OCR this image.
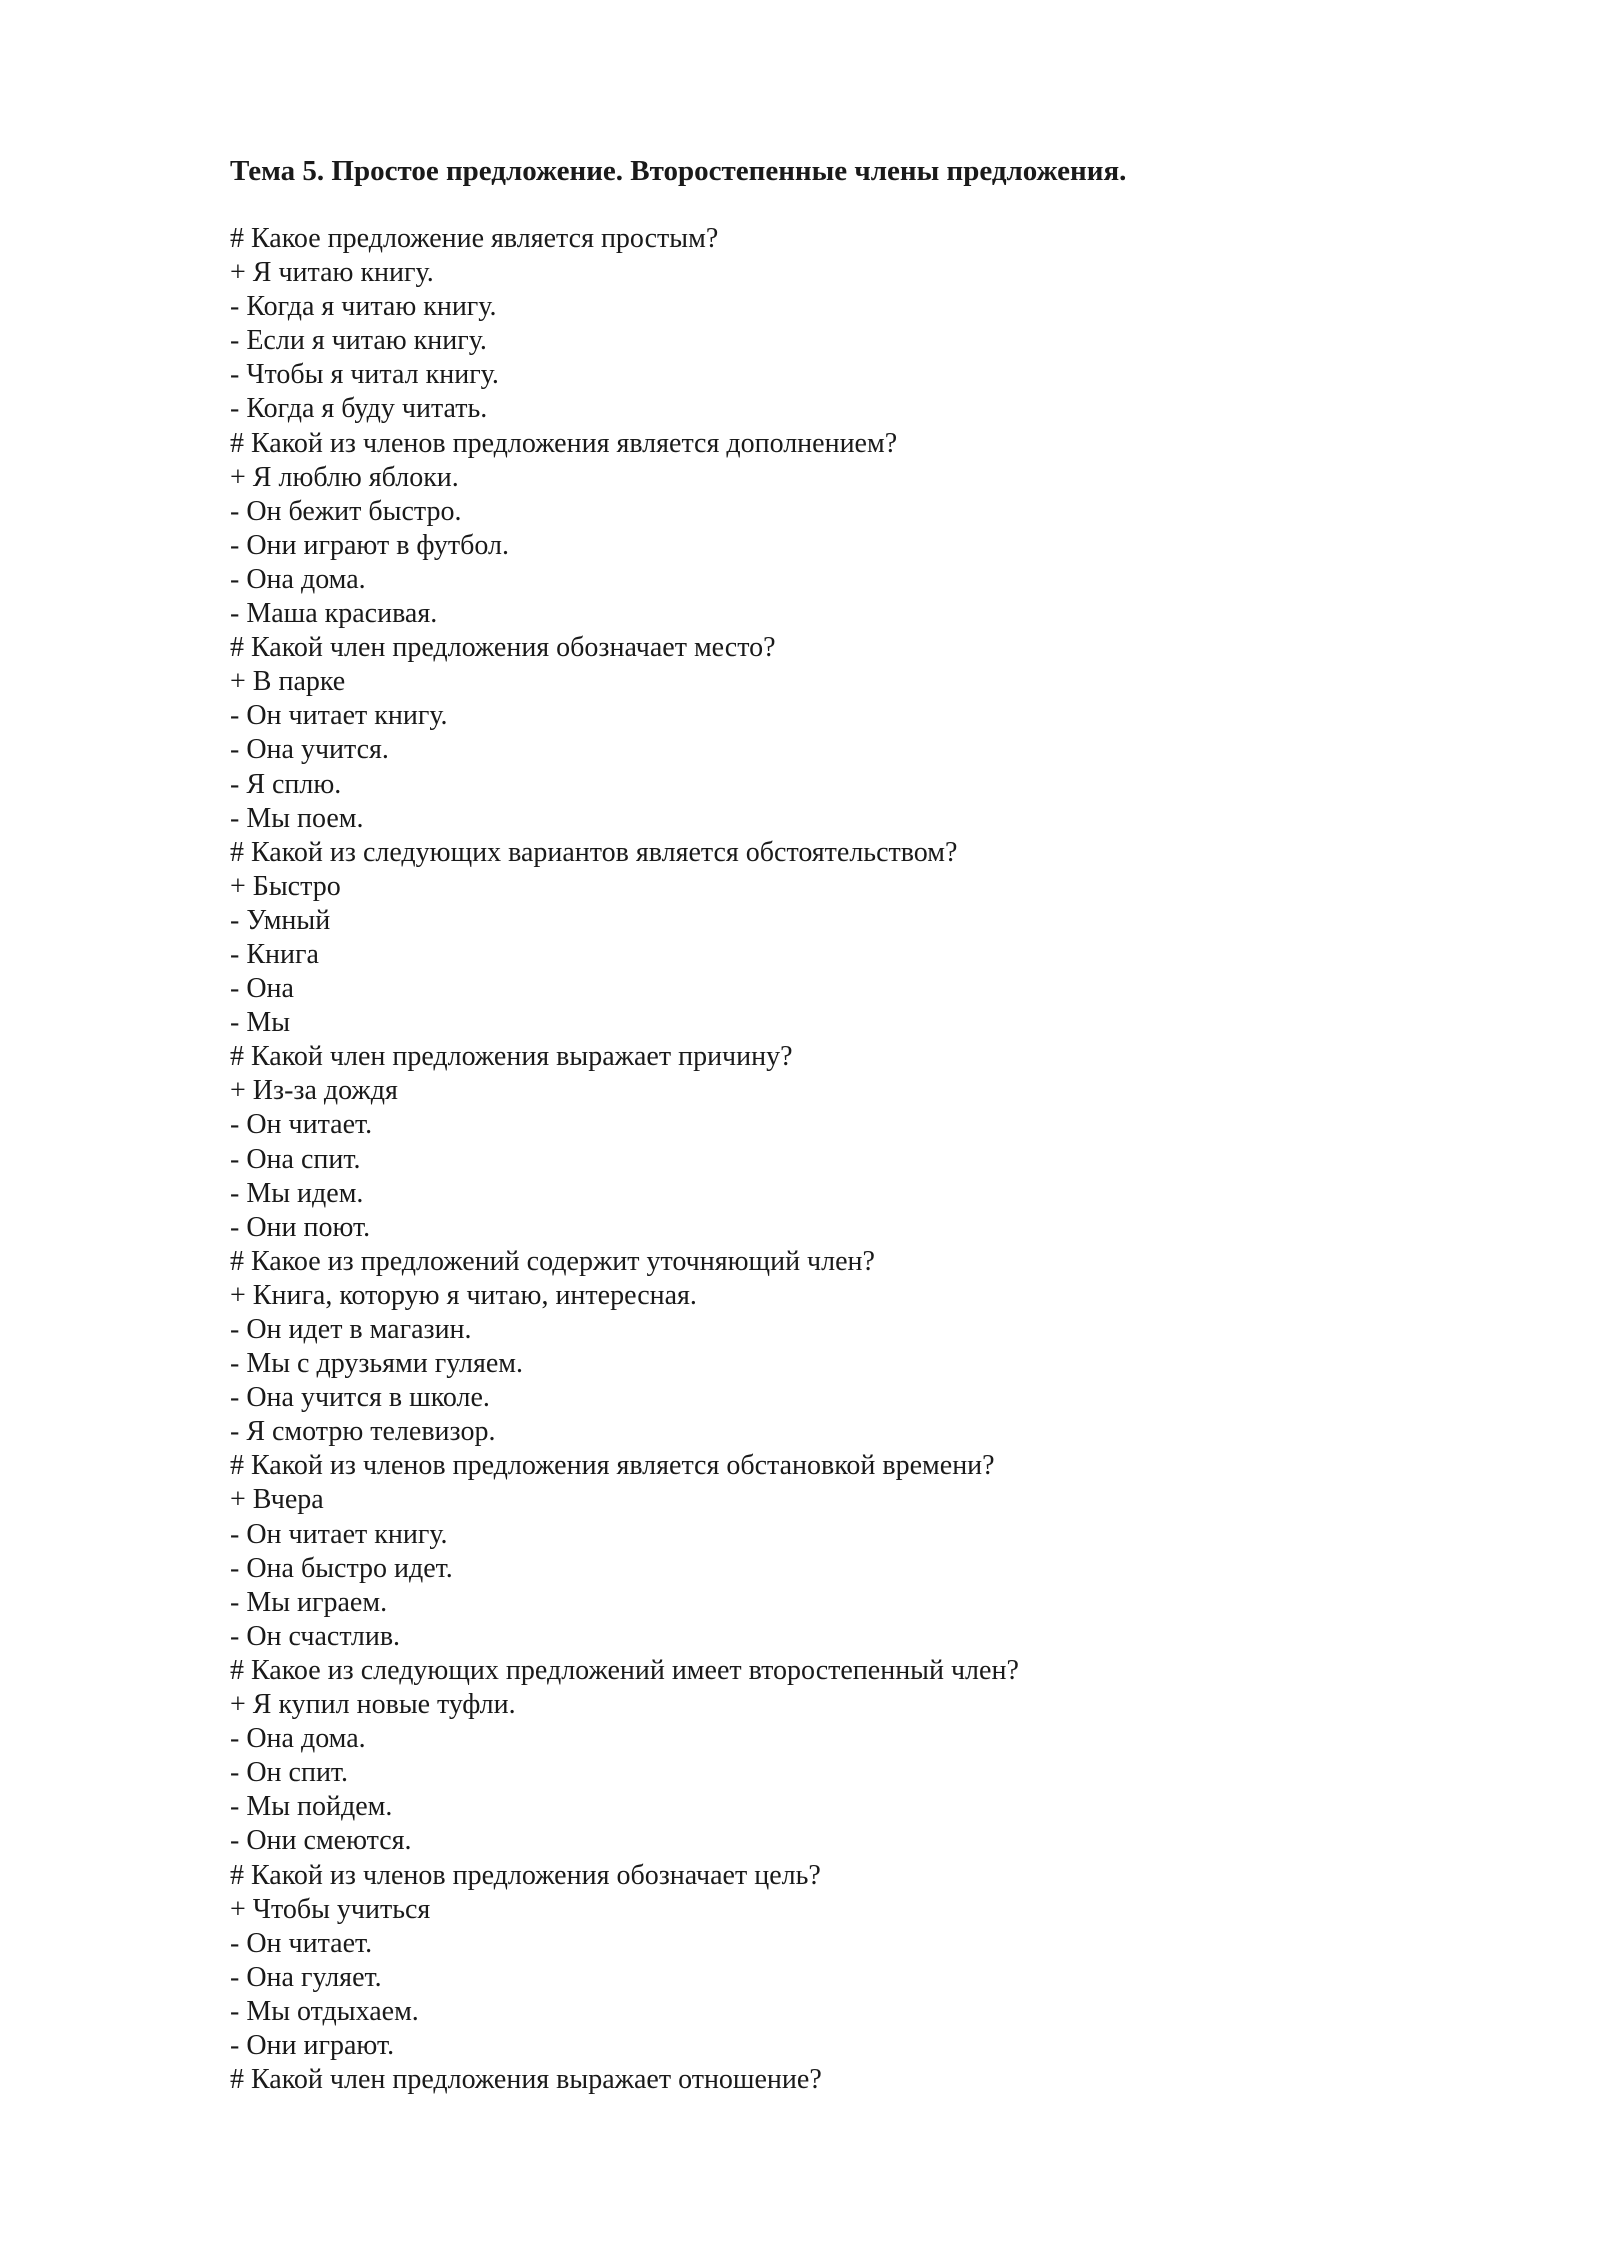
Тема 5. Простое предложение. Второстепенные члены предложения.
# Какое предложение является простым?
+ Я читаю книгу.
- Когда я читаю книгу.
- Если я читаю книгу.
- Чтобы я читал книгу.
- Когда я буду читать.
# Какой из членов предложения является дополнением?
+ Я люблю яблоки.
- Он бежит быстро.
- Они играют в футбол.
- Она дома.
- Маша красивая.
# Какой член предложения обозначает место?
+ В парке
- Он читает книгу.
- Она учится.
- Я сплю.
- Мы поем.
# Какой из следующих вариантов является обстоятельством?
+ Быстро
- Умный
- Книга
- Она
- Мы
# Какой член предложения выражает причину?
+ Из-за дождя
- Он читает.
- Она спит.
- Мы идем.
- Они поют.
# Какое из предложений содержит уточняющий член?
+ Книга, которую я читаю, интересная.
- Он идет в магазин.
- Мы с друзьями гуляем.
- Она учится в школе.
- Я смотрю телевизор.
# Какой из членов предложения является обстановкой времени?
+ Вчера
- Он читает книгу.
- Она быстро идет.
- Мы играем.
- Он счастлив.
# Какое из следующих предложений имеет второстепенный член?
+ Я купил новые туфли.
- Она дома.
- Он спит.
- Мы пойдем.
- Они смеются.
# Какой из членов предложения обозначает цель?
+ Чтобы учиться
- Он читает.
- Она гуляет.
- Мы отдыхаем.
- Они играют.
# Какой член предложения выражает отношение?
